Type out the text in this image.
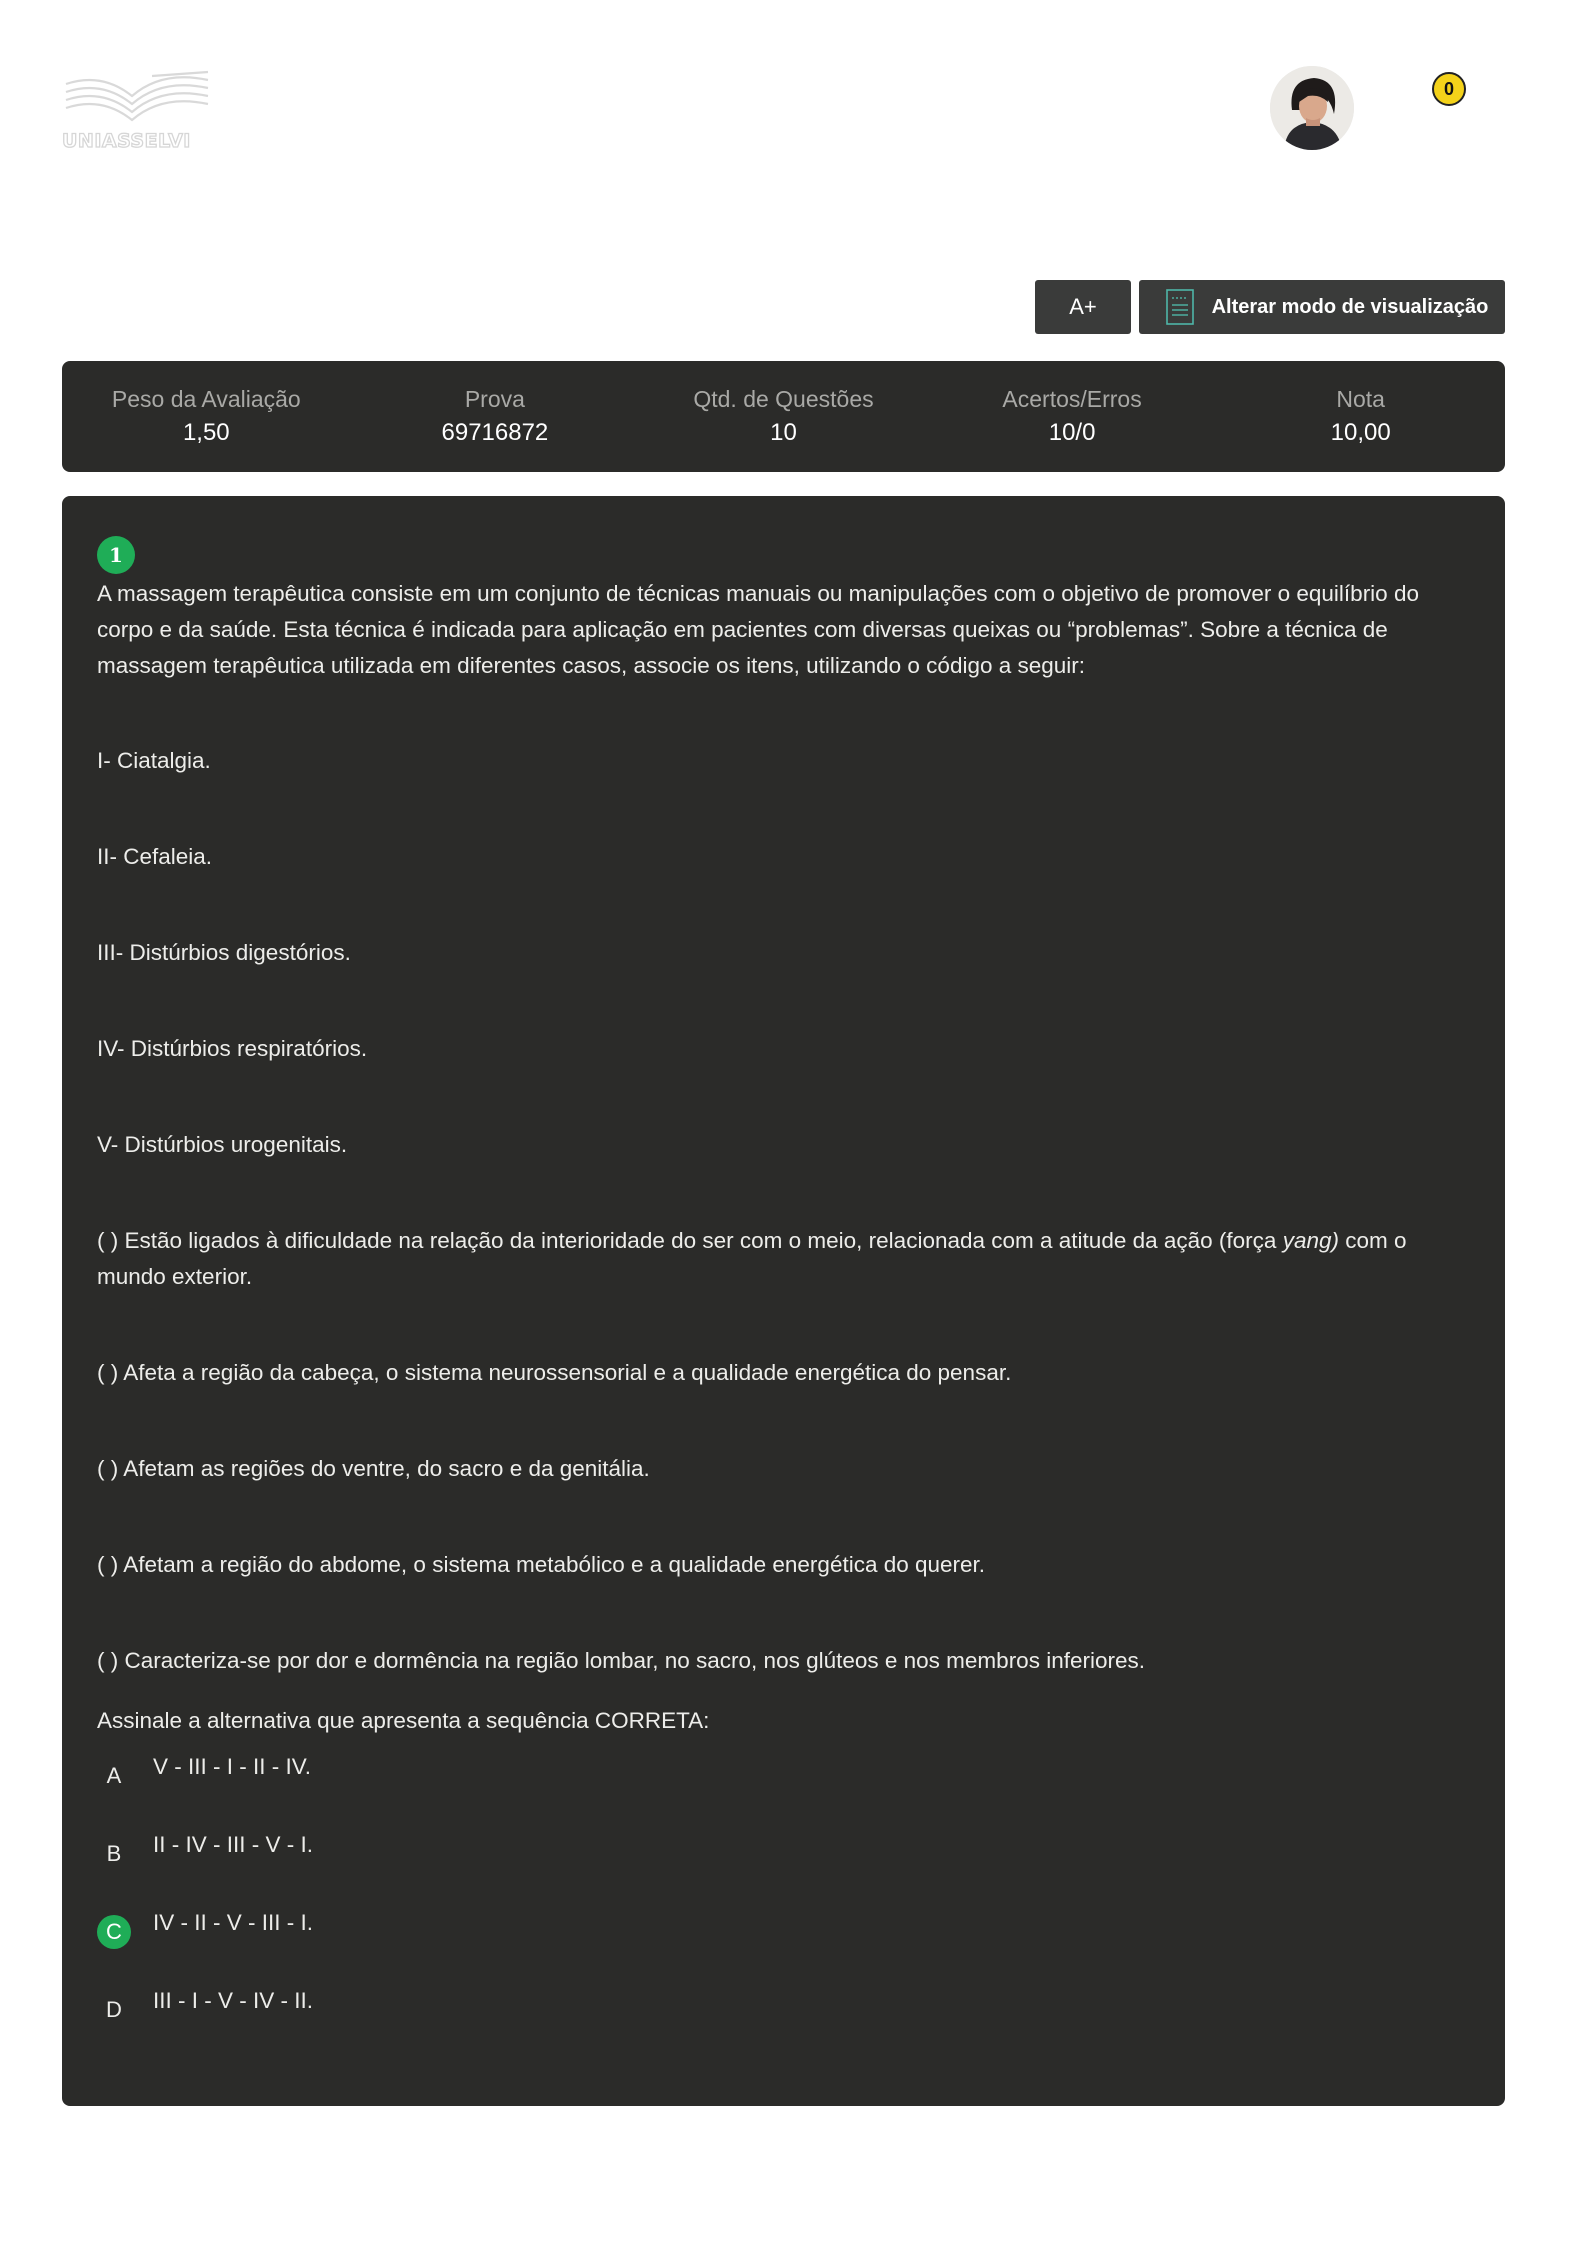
UNIASSELVI
0
A+	Alterar modo de visualização
Peso da Avaliação
1,50
Prova
69716872
Qtd. de Questões
10
Acertos/Erros
10/0
Nota
10,00
1

A massagem terapêutica consiste em um conjunto de técnicas manuais ou manipulações com o objetivo de promover o equilíbrio do corpo e da saúde. Esta técnica é indicada para aplicação em pacientes com diversas queixas ou “problemas”. Sobre a técnica de massagem terapêutica utilizada em diferentes casos, associe os itens, utilizando o código a seguir:

I- Ciatalgia.

II- Cefaleia.

III- Distúrbios digestórios.

IV- Distúrbios respiratórios.

V- Distúrbios urogenitais.

( ) Estão ligados à dificuldade na relação da interioridade do ser com o meio, relacionada com a atitude da ação (força yang) com o mundo exterior.

( ) Afeta a região da cabeça, o sistema neurossensorial e a qualidade energética do pensar.

( ) Afetam as regiões do ventre, do sacro e da genitália.

( ) Afetam a região do abdome, o sistema metabólico e a qualidade energética do querer.

( ) Caracteriza-se por dor e dormência na região lombar, no sacro, nos glúteos e nos membros inferiores.

Assinale a alternativa que apresenta a sequência CORRETA:

A	V - III - I - II - IV.
B	II - IV - III - V - I.
C	IV - II - V - III - I.
D	III - I - V - IV - II.
